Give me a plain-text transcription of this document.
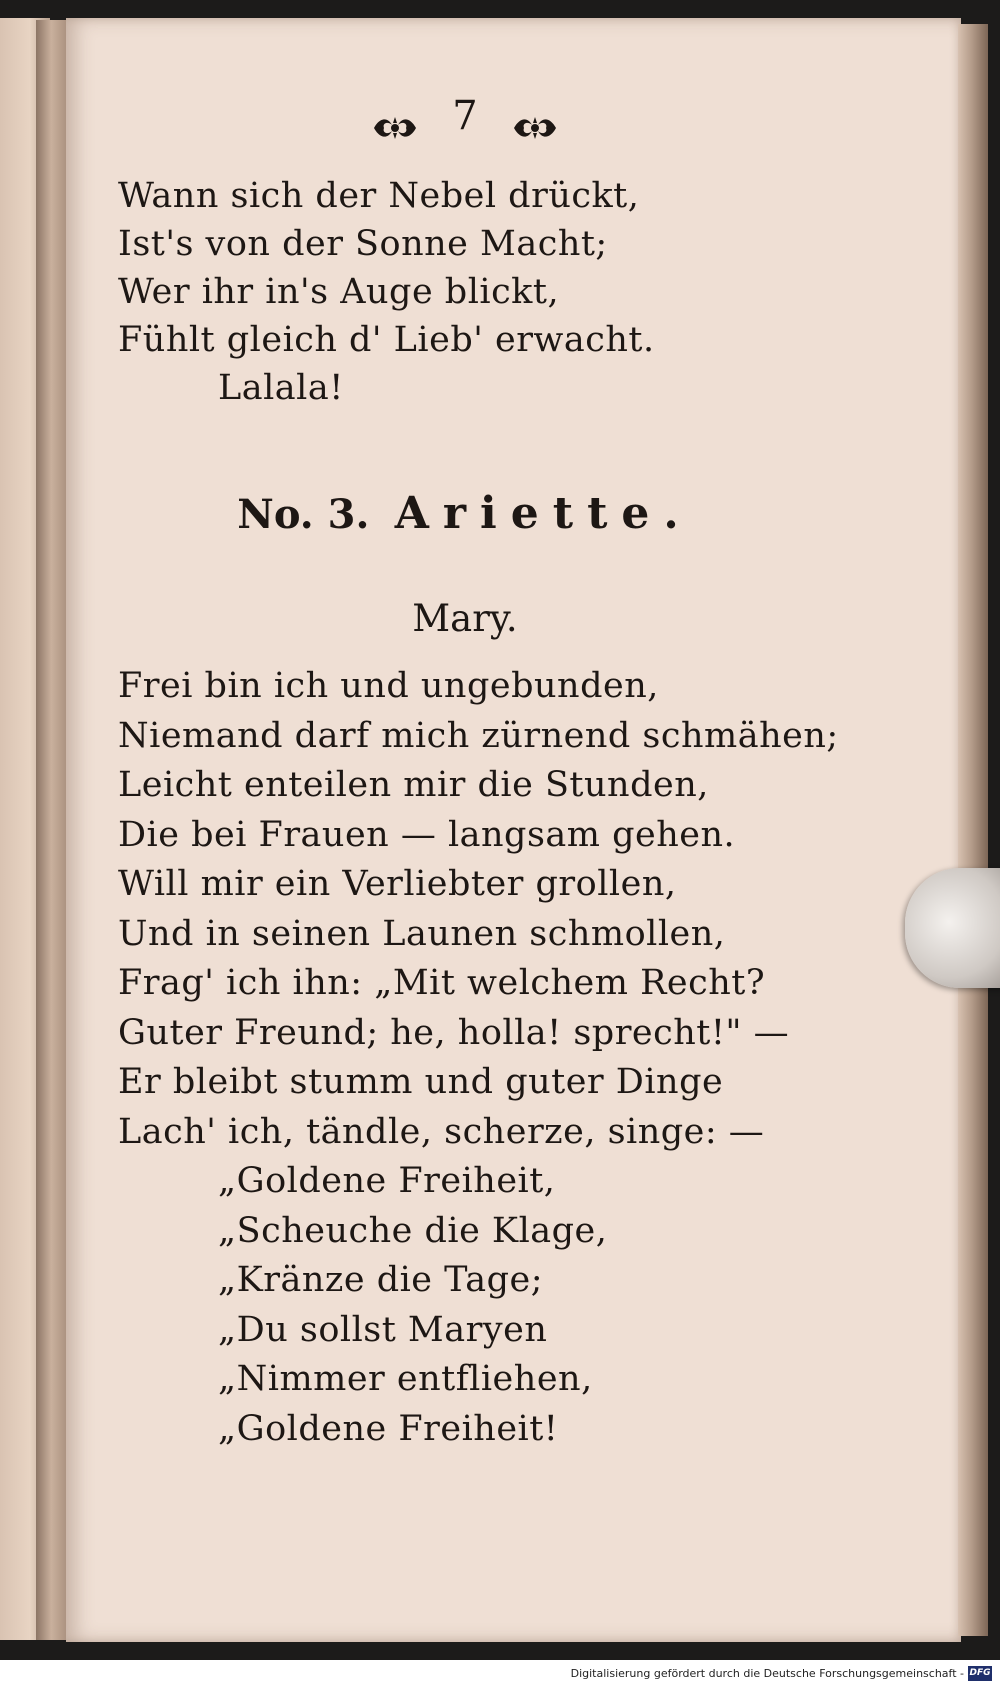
7
Wann sich der Nebel drückt,
Ist's von der Sonne Macht;
Wer ihr in's Auge blickt,
Fühlt gleich d' Lieb' erwacht.
Lalala!
No. 3. Ariette.
Mary.
Frei bin ich und ungebunden,
Niemand darf mich zürnend schmähen;
Leicht enteilen mir die Stunden,
Die bei Frauen — langsam gehen.
Will mir ein Verliebter grollen,
Und in seinen Launen schmollen,
Frag' ich ihn: „Mit welchem Recht?
Guter Freund; he, holla! sprecht!" —
Er bleibt stumm und guter Dinge
Lach' ich, tändle, scherze, singe: —
„Goldene Freiheit,
„Scheuche die Klage,
„Kränze die Tage;
„Du sollst Maryen
„Nimmer entfliehen,
„Goldene Freiheit!
Digitalisierung gefördert durch die Deutsche Forschungsgemeinschaft - DFG
